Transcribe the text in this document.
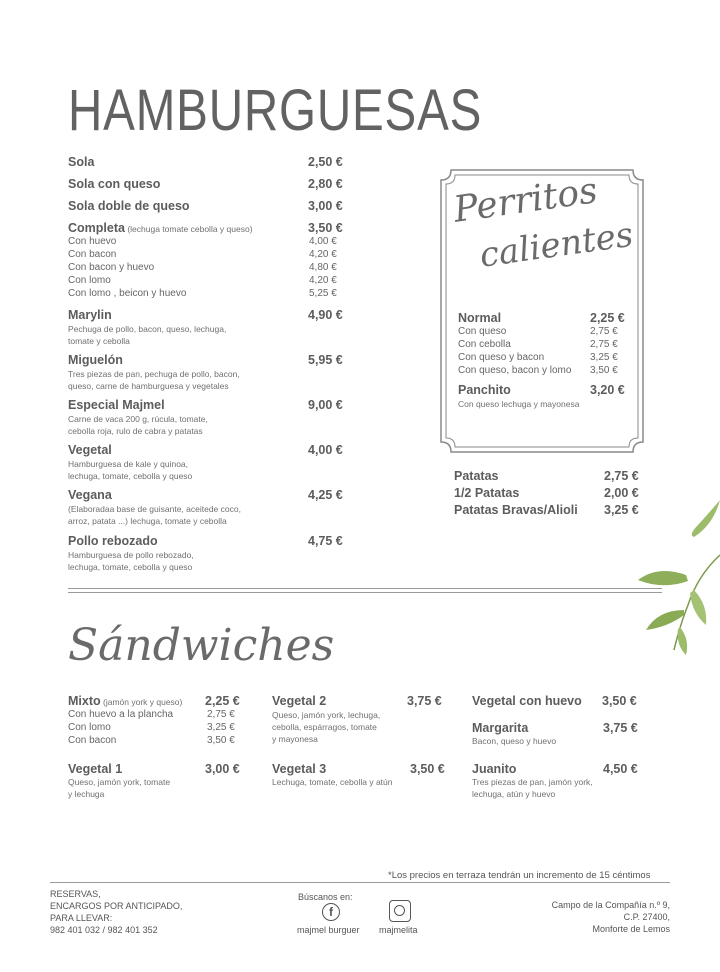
HAMBURGUESAS
Sola	2,50 €
Sola con queso	2,80 €
Sola doble de queso	3,00 €
Completa (lechuga tomate cebolla y queso)	3,50 €
Con huevo	4,00 €
Con bacon	4,20 €
Con bacon y huevo	4,80 €
Con lomo	4,20 €
Con lomo , beicon y huevo	5,25 €
Marylin	4,90 €
Pechuga de pollo, bacon, queso, lechuga,
tomate y cebolla
Miguelón	5,95 €
Tres piezas de pan, pechuga de pollo, bacon,
queso, carne de hamburguesa y vegetales
Especial Majmel	9,00 €
Carne de vaca 200 g, rúcula, tomate,
cebolla roja, rulo de cabra y patatas
Vegetal	4,00 €
Hamburguesa de kale y quinoa,
lechuga, tomate, cebolla y queso
Vegana	4,25 €
(Elaboradaa base de guisante, aceitede coco,
arroz, patata ...) lechuga, tomate y cebolla
Pollo rebozado	4,75 €
Hamburguesa de pollo rebozado,
lechuga, tomate, cebolla y queso
Perritos
calientes
Normal	2,25 €
Con queso	2,75 €
Con cebolla	2,75 €
Con queso y bacon	3,25 €
Con queso, bacon y lomo 3,50 €
Panchito	3,20 €
Con queso lechuga y mayonesa
Patatas	2,75 €
1/2 Patatas	2,00 €
Patatas Bravas/Alioli 3,25 €
Sándwiches
Mixto (jamón york y queso) 2,25 €
Con huevo a la plancha	2,75 €
Con lomo	3,25 €
Con bacon	3,50 €
Vegetal 1	3,00 €
Queso, jamón york, tomate
y lechuga
Vegetal 2	3,75 €
Queso, jamón york, lechuga,
cebolla, espárragos, tomate
y mayonesa
Vegetal 3	3,50 €
Lechuga, tomate, cebolla y atún
Vegetal con huevo 3,50 €
Margarita	3,75 €
Bacon, queso y huevo
Juanito	4,50 €
Tres piezas de pan, jamón york,
lechuga, atún y huevo
*Los precios en terraza tendrán un incremento de 15 céntimos
RESERVAS,
ENCARGOS POR ANTICIPADO,
PARA LLEVAR:
982 401 032 / 982 401 352
Búscanos en:
f
majmel burguer majmelita
Campo de la Compañía n.º 9,
C.P. 27400,
Monforte de Lemos
